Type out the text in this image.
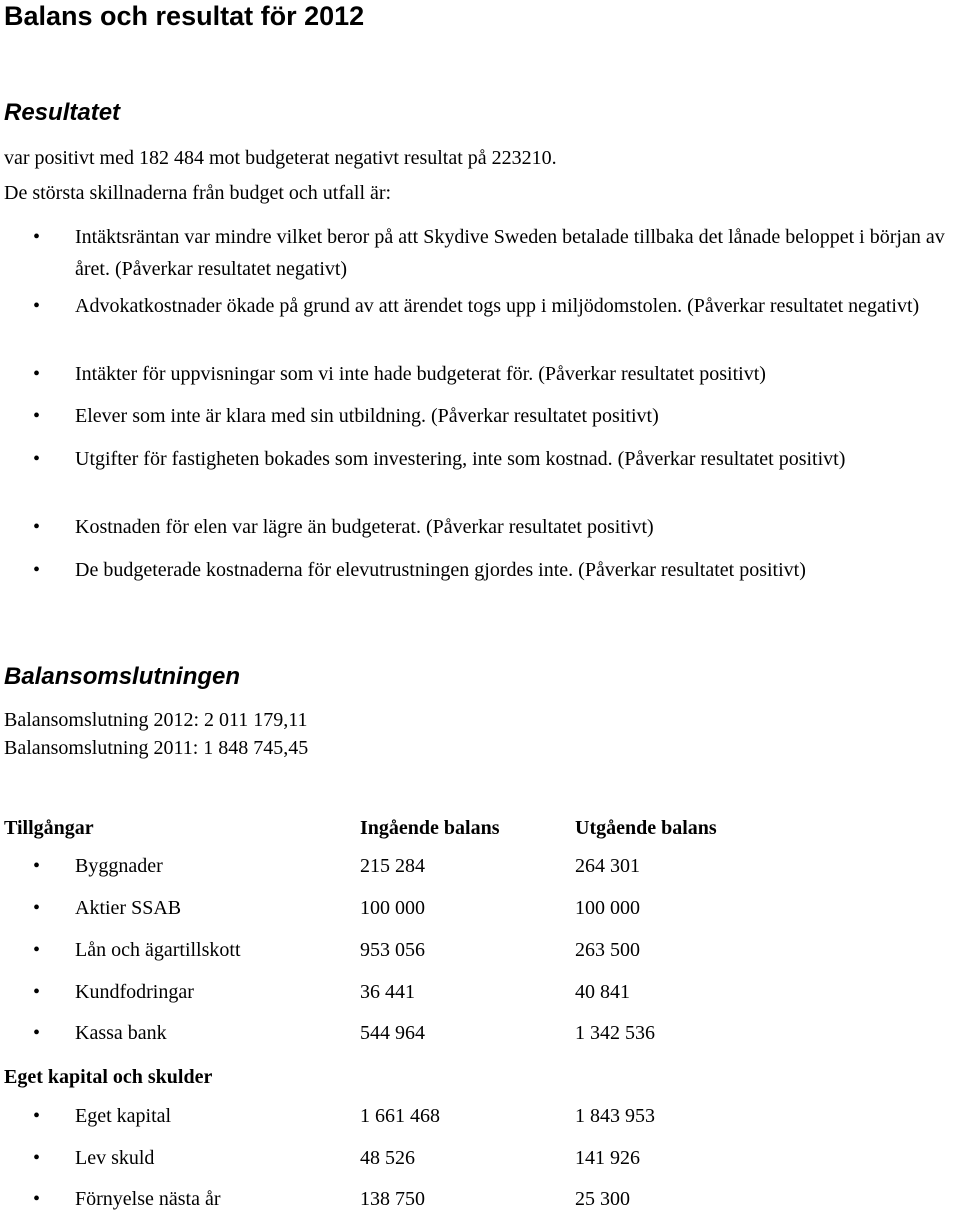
Balans och resultat för 2012
Resultatet
var positivt med 182 484 mot budgeterat negativt resultat på 223210.
De största skillnaderna från budget och utfall är:
• Intäktsräntan var mindre vilket beror på att Skydive Sweden betalade tillbaka det lånade beloppet i början av året. (Påverkar resultatet negativt)
• Advokatkostnader ökade på grund av att ärendet togs upp i miljödomstolen. (Påverkar resultatet negativt)
• Intäkter för uppvisningar som vi inte hade budgeterat för. (Påverkar resultatet positivt)
• Elever som inte är klara med sin utbildning. (Påverkar resultatet positivt)
• Utgifter för fastigheten bokades som investering, inte som kostnad. (Påverkar resultatet positivt)
• Kostnaden för elen var lägre än budgeterat. (Påverkar resultatet positivt)
• De budgeterade kostnaderna för elevutrustningen gjordes inte. (Påverkar resultatet positivt)
Balansomslutningen
Balansomslutning 2012: 2 011 179,11
Balansomslutning 2011: 1 848 745,45
Tillgångar	Ingående balans	Utgående balans
• Byggnader	215 284	264 301
• Aktier SSAB	100 000	100 000
• Lån och ägartillskott	953 056	263 500
• Kundfodringar	36 441	40 841
• Kassa bank	544 964	1 342 536
Eget kapital och skulder
• Eget kapital	1 661 468	1 843 953
• Lev skuld	48 526	141 926
• Förnyelse nästa år	138 750	25 300
